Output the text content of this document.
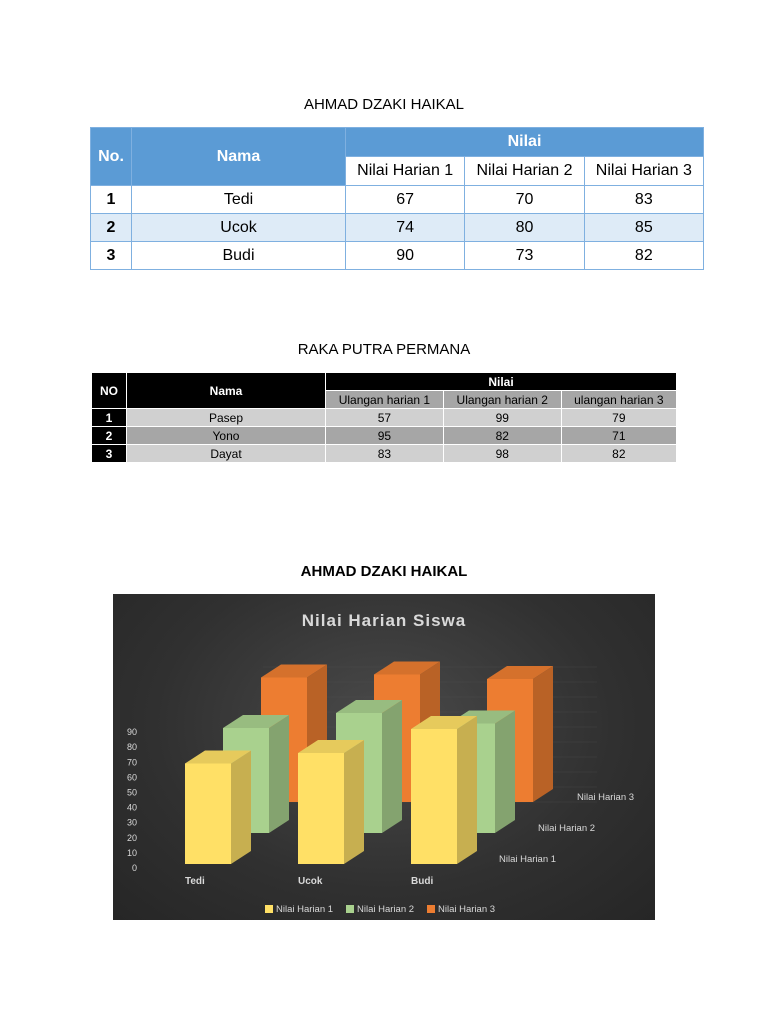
AHMAD DZAKI HAIKAL
No.	Nama	Nilai		
		Nilai Harian 1	Nilai Harian 2	Nilai Harian 3
1	Tedi	67	70	83
2	Ucok	74	80	85
3	Budi	90	73	82
RAKA PUTRA PERMANA
NO	Nama	Nilai		
		Ulangan harian 1	Ulangan harian 2	ulangan harian 3
1	Pasep	57	99	79
2	Yono	95	82	71
3	Dayat	83	98	82
AHMAD DZAKI HAIKAL
Nilai Harian Siswa
0
10
20
30
40
50
60
70
80
90
Nilai Harian 3
Nilai Harian 2
Nilai Harian 1
Tedi	Ucok	Budi
Nilai Harian 1	Nilai Harian 2	Nilai Harian 3
